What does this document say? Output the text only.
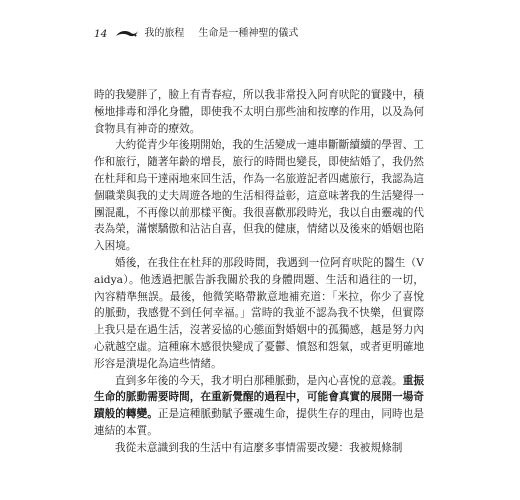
14	我的旅程 生命是一種神聖的儀式

時的我變胖了，臉上有青春痘，所以我非常投入阿育吠陀的實踐中，積極地排毒和淨化身體，即使我不太明白那些油和按摩的作用，以及為何食物具有神奇的療效。

大約從青少年後期開始，我的生活變成一連串斷斷續續的學習、工作和旅行，隨著年齡的增長，旅行的時間也變長，即使結婚了，我仍然在杜拜和烏干達兩地來回生活，作為一名旅遊記者四處旅行，我認為這個職業與我的丈夫周遊各地的生活相得益彰，這意味著我的生活變得一團混亂，不再像以前那樣平衡。我很喜歡那段時光，我以自由靈魂的代表為榮，滿懷驕傲和沾沾自喜，但我的健康，情緒以及後來的婚姻也陷入困境。

婚後，在我住在杜拜的那段時間，我遇到一位阿育吠陀的醫生（Vaidya）。他透過把脈告訴我關於我的身體問題、生活和過往的一切，內容精準無誤。最後，他微笑略帶歉意地補充道：「米拉，你少了喜悅的脈動，我感覺不到任何幸福。」當時的我並不認為我不快樂，但實際上我只是在過生活，沒著妥協的心態面對婚姻中的孤獨感，越是努力內心就越空虛。這種麻木感很快變成了憂鬱、憤怒和怨氣，或者更明確地形容是潰堤化為這些情緒。

直到多年後的今天，我才明白那種脈動，是內心喜悅的意義。重振生命的脈動需要時間，在重新覺醒的過程中，可能會真實的展開一場奇蹟般的轉變。正是這種脈動賦予靈魂生命，提供生存的理由，同時也是連結的本質。

我從未意識到我的生活中有這麼多事情需要改變：我被規條制
